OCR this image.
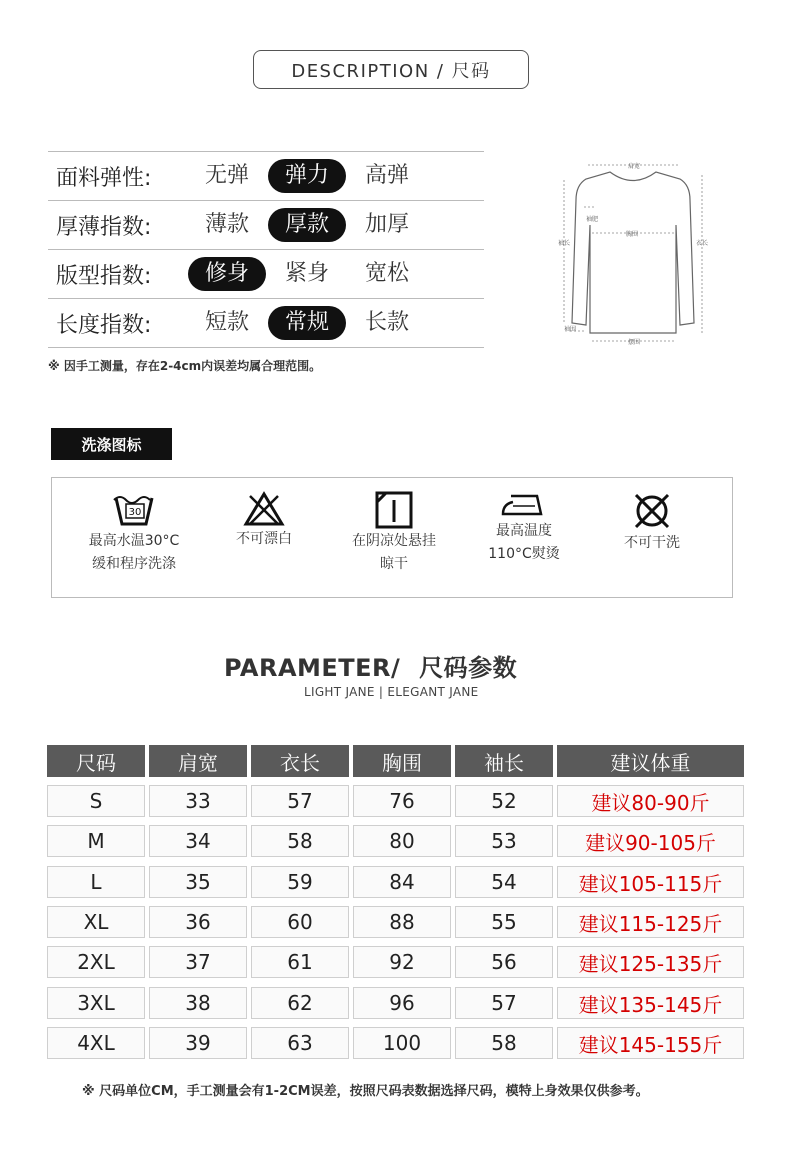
DESCRIPTION / 尺码
面料弹性:	无弹	弹力	高弹
厚薄指数:	薄款	厚款	加厚
版型指数:	修身	紧身	宽松
长度指数:	短款	常规	长款
※ 因手工测量，存在2-4cm内误差均属合理范围。
肩宽
袖肥
胸围
袖长	衣长
袖围
摆围
洗涤图标
30
最高水温30°C
缓和程序洗涤
不可漂白	在阴凉处悬挂
晾干
最高温度
110°C熨烫
不可干洗
PARAMETER/ 尺码参数
LIGHT JANE | ELEGANT JANE
尺码	肩宽	衣长	胸围	袖长	建议体重
S	33	57	76	52	建议80-90斤
M	34	58	80	53	建议90-105斤
L	35	59	84	54	建议105-115斤
XL	36	60	88	55	建议115-125斤
2XL	37	61	92	56	建议125-135斤
3XL	38	62	96	57	建议135-145斤
4XL	39	63	100	58	建议145-155斤
※ 尺码单位CM，手工测量会有1-2CM误差，按照尺码表数据选择尺码，模特上身效果仅供参考。
